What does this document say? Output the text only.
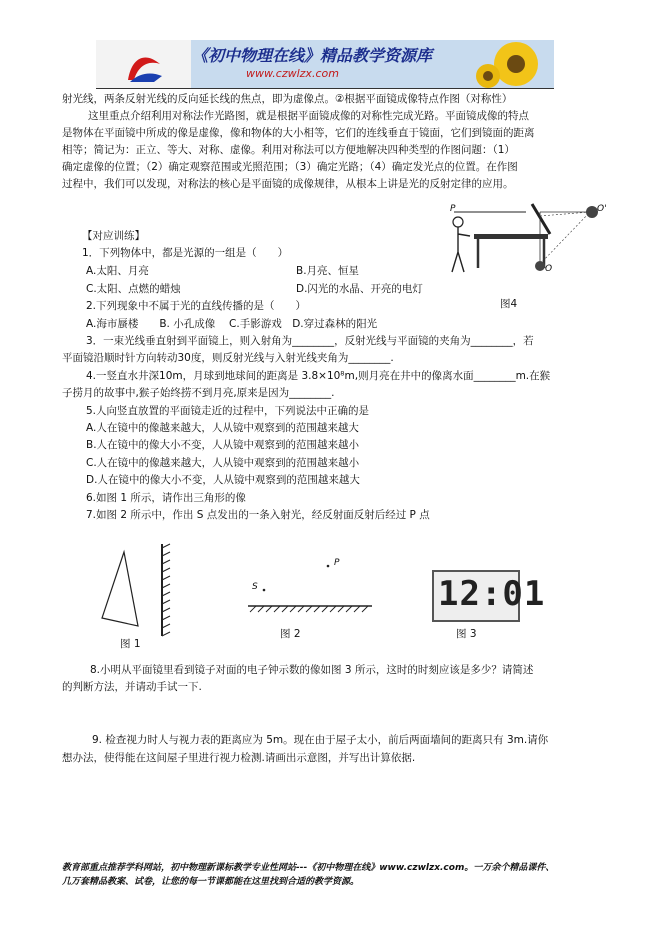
《初中物理在线》精品教学资源库
www.czwlzx.com
射光线，两条反射光线的反向延长线的焦点，即为虚像点。②根据平面镜成像特点作图（对称性）
这里重点介绍利用对称法作光路图，就是根据平面镜成像的对称性完成光路。平面镜成像的特点
是物体在平面镜中所成的像是虚像，像和物体的大小相等，它们的连线垂直于镜面，它们到镜面的距离
相等；简记为：正立、等大、对称、虚像。利用对称法可以方便地解决四种类型的作图问题：（1）
确定虚像的位置；（2）确定观察范围或光照范围；（3）确定光路；（4）确定发光点的位置。在作图
过程中，我们可以发现，对称法的核心是平面镜的成像规律，从根本上讲是光的反射定律的应用。
P	O'
O
图4
【对应训练】
1．下列物体中，都是光源的一组是（　　）
A.太阳、月亮	B.月亮、恒星
C.太阳、点燃的蜡烛	D.闪光的水晶、开亮的电灯
2.下列现象中不属于光的直线传播的是（　　）
A.海市蜃楼　　B. 小孔成像　 C.手影游戏　D.穿过森林的阳光
3．一束光线垂直射到平面镜上，则入射角为________，反射光线与平面镜的夹角为________，若
平面镜沿顺时针方向转动30度，则反射光线与入射光线夹角为________.
4.一竖直水井深10m，月球到地球间的距离是 3.8×10⁸m,则月亮在井中的像离水面________m.在猴
子捞月的故事中,猴子始终捞不到月亮,原来是因为________.
5.人向竖直放置的平面镜走近的过程中，下列说法中正确的是
A.人在镜中的像越来越大，人从镜中观察到的范围越来越大
B.人在镜中的像大小不变，人从镜中观察到的范围越来越小
C.人在镜中的像越来越大，人从镜中观察到的范围越来越小
D.人在镜中的像大小不变，人从镜中观察到的范围越来越大
6.如图 1 所示，请作出三角形的像
7.如图 2 所示中，作出 S 点发出的一条入射光，经反射面反射后经过 P 点
图 1
P
S
图 2
12:01
图 3
8.小明从平面镜里看到镜子对面的电子钟示数的像如图 3 所示，这时的时刻应该是多少？请简述
的判断方法，并请动手试一下.
9. 检查视力时人与视力表的距离应为 5m。现在由于屋子太小，前后两面墙间的距离只有 3m.请你
想办法，使得能在这间屋子里进行视力检测.请画出示意图，并写出计算依据.
教育部重点推荐学科网站，初中物理新课标教学专业性网站---《初中物理在线》www.czwlzx.com。一万余个精品课件、
几万套精品教案、试卷，让您的每一节课都能在这里找到合适的教学资源。
